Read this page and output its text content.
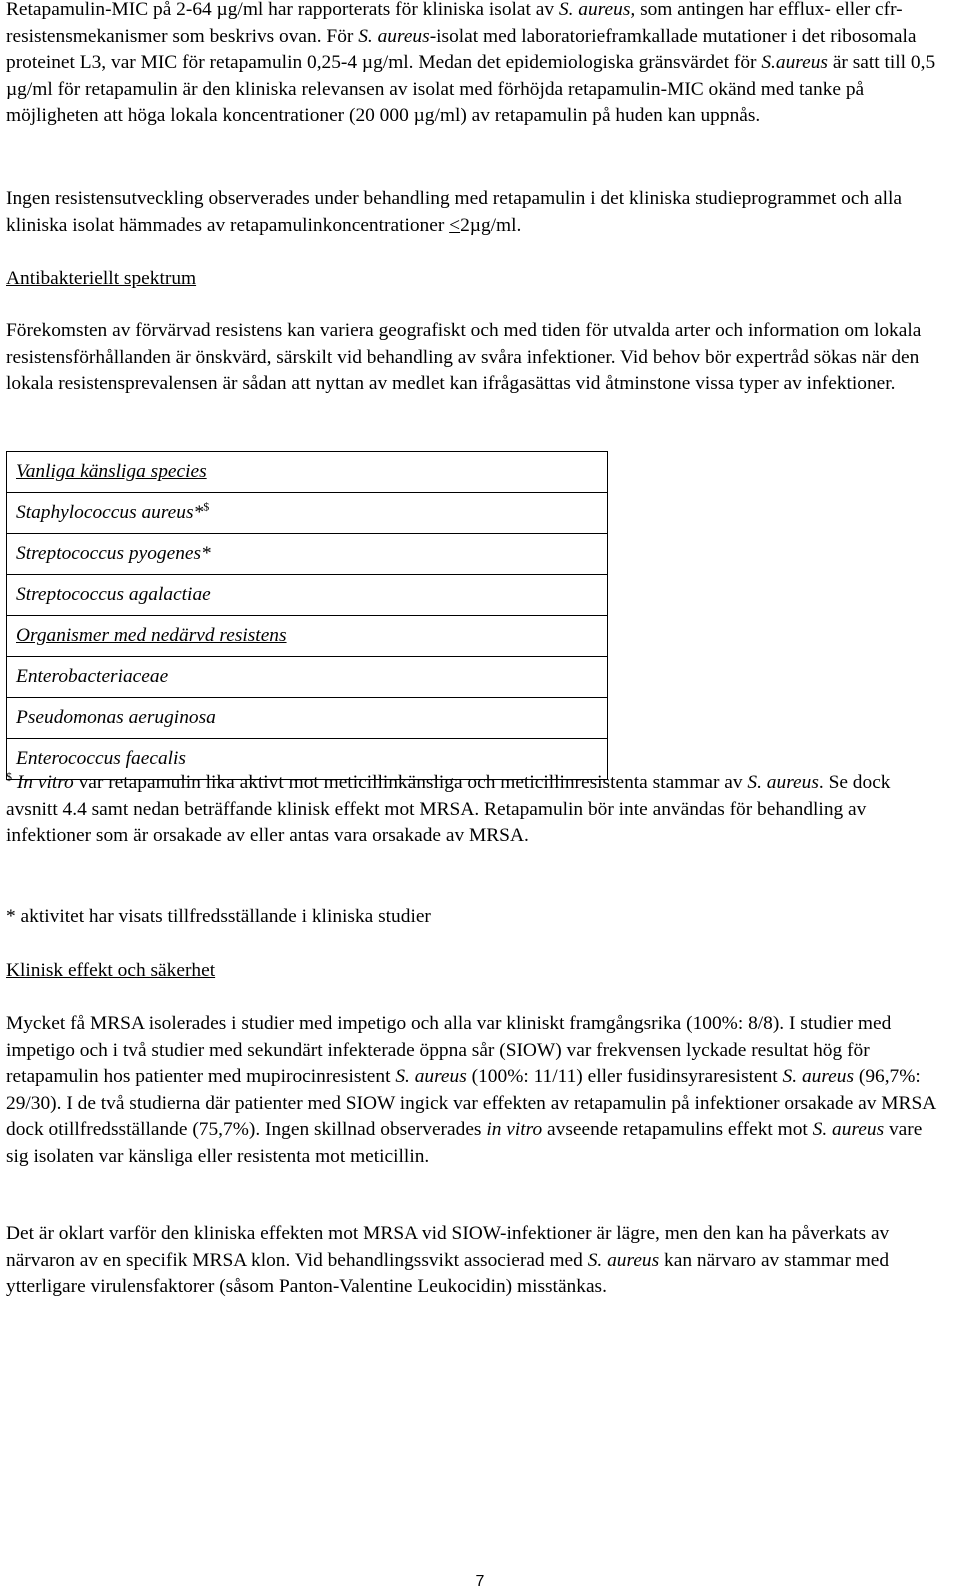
Retapamulin-MIC på 2-64 µg/ml har rapporterats för kliniska isolat av S. aureus, som antingen har efflux- eller cfr-resistensmekanismer som beskrivs ovan. För S. aureus-isolat med laboratorieframkallade mutationer i det ribosomala proteinet L3, var MIC för retapamulin 0,25-4 µg/ml. Medan det epidemiologiska gränsvärdet för S.aureus är satt till 0,5 µg/ml för retapamulin är den kliniska relevansen av isolat med förhöjda retapamulin-MIC okänd med tanke på möjligheten att höga lokala koncentrationer (20 000 µg/ml) av retapamulin på huden kan uppnås.

Ingen resistensutveckling observerades under behandling med retapamulin i det kliniska studieprogrammet och alla kliniska isolat hämmades av retapamulinkoncentrationer ≤2µg/ml.

Antibakteriellt spektrum

Förekomsten av förvärvad resistens kan variera geografiskt och med tiden för utvalda arter och information om lokala resistensförhållanden är önskvärd, särskilt vid behandling av svåra infektioner. Vid behov bör expertråd sökas när den lokala resistensprevalensen är sådan att nyttan av medlet kan ifrågasättas vid åtminstone vissa typer av infektioner.

Vanliga känsliga species
Staphylococcus aureus*$
Streptococcus pyogenes*
Streptococcus agalactiae
Organismer med nedärvd resistens
Enterobacteriaceae
Pseudomonas aeruginosa
Enterococcus faecalis

$ In vitro var retapamulin lika aktivt mot meticillinkänsliga och meticillinresistenta stammar av S. aureus. Se dock avsnitt 4.4 samt nedan beträffande klinisk effekt mot MRSA. Retapamulin bör inte användas för behandling av infektioner som är orsakade av eller antas vara orsakade av MRSA.

* aktivitet har visats tillfredsställande i kliniska studier

Klinisk effekt och säkerhet

Mycket få MRSA isolerades i studier med impetigo och alla var kliniskt framgångsrika (100%: 8/8). I studier med impetigo och i två studier med sekundärt infekterade öppna sår (SIOW) var frekvensen lyckade resultat hög för retapamulin hos patienter med mupirocinresistent S. aureus (100%: 11/11) eller fusidinsyraresistent S. aureus (96,7%: 29/30). I de två studierna där patienter med SIOW ingick var effekten av retapamulin på infektioner orsakade av MRSA dock otillfredsställande (75,7%). Ingen skillnad observerades in vitro avseende retapamulins effekt mot S. aureus vare sig isolaten var känsliga eller resistenta mot meticillin.

Det är oklart varför den kliniska effekten mot MRSA vid SIOW-infektioner är lägre, men den kan ha påverkats av närvaron av en specifik MRSA klon. Vid behandlingssvikt associerad med S. aureus kan närvaro av stammar med ytterligare virulensfaktorer (såsom Panton-Valentine Leukocidin) misstänkas.

7
